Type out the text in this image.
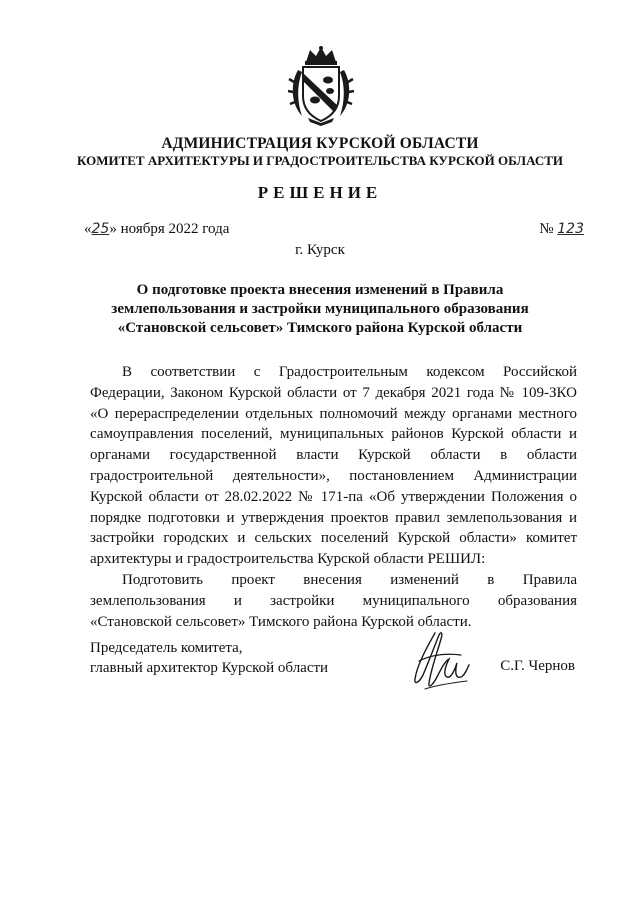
АДМИНИСТРАЦИЯ КУРСКОЙ ОБЛАСТИ
КОМИТЕТ АРХИТЕКТУРЫ И ГРАДОСТРОИТЕЛЬСТВА КУРСКОЙ ОБЛАСТИ
РЕШЕНИЕ
«25» ноября 2022 года	№ 123
г. Курск
О подготовке проекта внесения изменений в Правила
землепользования и застройки муниципального образования
«Становской сельсовет» Тимского района Курской области
В соответствии с Градостроительным кодексом Российской
Федерации, Законом Курской области от 7 декабря 2021 года № 109-ЗКО
«О перераспределении отдельных полномочий между органами местного
самоуправления поселений, муниципальных районов Курской области и
органами государственной власти Курской области в области
градостроительной деятельности», постановлением Администрации
Курской области от 28.02.2022 № 171-па «Об утверждении Положения о
порядке подготовки и утверждения проектов правил землепользования и
застройки городских и сельских поселений Курской области» комитет
архитектуры и градостроительства Курской области РЕШИЛ:
Подготовить проект внесения изменений в Правила
землепользования и застройки муниципального образования
«Становской сельсовет» Тимского района Курской области.
Председатель комитета,
главный архитектор Курской области	С.Г. Чернов
